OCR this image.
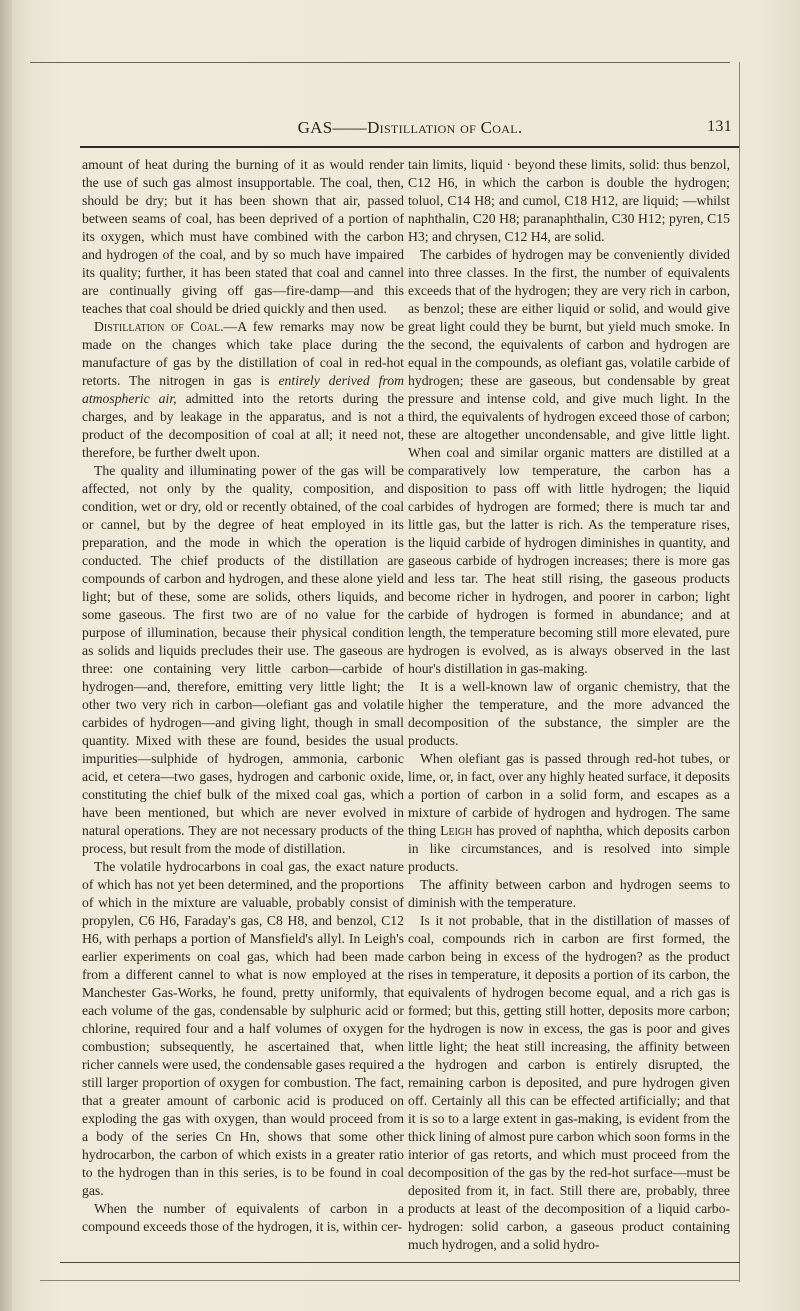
GAS——Distillation of Coal.	131

amount of heat during the burning of it as would render the use of such gas almost insupportable. The coal, then, should be dry; but it has been shown that air, passed between seams of coal, has been deprived of a portion of its oxygen, which must have combined with the carbon and hydrogen of the coal, and by so much have impaired its quality; further, it has been stated that coal and cannel are continually giving off gas—fire-damp—and this teaches that coal should be dried quickly and then used.

Distillation of Coal.—A few remarks may now be made on the changes which take place during the manufacture of gas by the distillation of coal in red-hot retorts. The nitrogen in gas is entirely derived from atmospheric air, admitted into the retorts during the charges, and by leakage in the apparatus, and is not a product of the decomposition of coal at all; it need not, therefore, be further dwelt upon.

The quality and illuminating power of the gas will be affected, not only by the quality, composition, and condition, wet or dry, old or recently obtained, of the coal or cannel, but by the degree of heat employed in its preparation, and the mode in which the operation is conducted. The chief products of the distillation are compounds of carbon and hydrogen, and these alone yield light; but of these, some are solids, others liquids, and some gaseous. The first two are of no value for the purpose of illumination, because their physical condition as solids and liquids precludes their use. The gaseous are three: one containing very little carbon—carbide of hydrogen—and, therefore, emitting very little light; the other two very rich in carbon—olefiant gas and volatile carbides of hydrogen—and giving light, though in small quantity. Mixed with these are found, besides the usual impurities—sulphide of hydrogen, ammonia, carbonic acid, et cetera—two gases, hydrogen and carbonic oxide, constituting the chief bulk of the mixed coal gas, which have been mentioned, but which are never evolved in natural operations. They are not necessary products of the process, but result from the mode of distillation.

The volatile hydrocarbons in coal gas, the exact nature of which has not yet been determined, and the proportions of which in the mixture are valuable, probably consist of propylen, C6 H6, Faraday's gas, C8 H8, and benzol, C12 H6, with perhaps a portion of Mansfield's allyl. In Leigh's earlier experiments on coal gas, which had been made from a different cannel to what is now employed at the Manchester Gas-Works, he found, pretty uniformly, that each volume of the gas, condensable by sulphuric acid or chlorine, required four and a half volumes of oxygen for combustion; subsequently, he ascertained that, when richer cannels were used, the condensable gases required a still larger proportion of oxygen for combustion. The fact, that a greater amount of carbonic acid is produced on exploding the gas with oxygen, than would proceed from a body of the series Cn Hn, shows that some other hydrocarbon, the carbon of which exists in a greater ratio to the hydrogen than in this series, is to be found in coal gas.

When the number of equivalents of carbon in a compound exceeds those of the hydrogen, it is, within cer-

tain limits, liquid · beyond these limits, solid: thus benzol, C12 H6, in which the carbon is double the hydrogen; toluol, C14 H8; and cumol, C18 H12, are liquid; —whilst naphthalin, C20 H8; paranaphthalin, C30 H12; pyren, C15 H3; and chrysen, C12 H4, are solid.

The carbides of hydrogen may be conveniently divided into three classes. In the first, the number of equivalents exceeds that of the hydrogen; they are very rich in carbon, as benzol; these are either liquid or solid, and would give great light could they be burnt, but yield much smoke. In the second, the equivalents of carbon and hydrogen are equal in the compounds, as olefiant gas, volatile carbide of hydrogen; these are gaseous, but condensable by great pressure and intense cold, and give much light. In the third, the equivalents of hydrogen exceed those of carbon; these are altogether uncondensable, and give little light. When coal and similar organic matters are distilled at a comparatively low temperature, the carbon has a disposition to pass off with little hydrogen; the liquid carbides of hydrogen are formed; there is much tar and little gas, but the latter is rich. As the temperature rises, the liquid carbide of hydrogen diminishes in quantity, and gaseous carbide of hydrogen increases; there is more gas and less tar. The heat still rising, the gaseous products become richer in hydrogen, and poorer in carbon; light carbide of hydrogen is formed in abundance; and at length, the temperature becoming still more elevated, pure hydrogen is evolved, as is always observed in the last hour's distillation in gas-making.

It is a well-known law of organic chemistry, that the higher the temperature, and the more advanced the decomposition of the substance, the simpler are the products.

When olefiant gas is passed through red-hot tubes, or lime, or, in fact, over any highly heated surface, it deposits a portion of carbon in a solid form, and escapes as a mixture of carbide of hydrogen and hydrogen. The same thing Leigh has proved of naphtha, which deposits carbon in like circumstances, and is resolved into simple products.

The affinity between carbon and hydrogen seems to diminish with the temperature.

Is it not probable, that in the distillation of masses of coal, compounds rich in carbon are first formed, the carbon being in excess of the hydrogen? as the product rises in temperature, it deposits a portion of its carbon, the equivalents of hydrogen become equal, and a rich gas is formed; but this, getting still hotter, deposits more carbon; the hydrogen is now in excess, the gas is poor and gives little light; the heat still increasing, the affinity between the hydrogen and carbon is entirely disrupted, the remaining carbon is deposited, and pure hydrogen given off. Certainly all this can be effected artificially; and that it is so to a large extent in gas-making, is evident from the thick lining of almost pure carbon which soon forms in the interior of gas retorts, and which must proceed from the decomposition of the gas by the red-hot surface—must be deposited from it, in fact. Still there are, probably, three products at least of the decomposition of a liquid carbo-hydrogen: solid carbon, a gaseous product containing much hydrogen, and a solid hydro-
